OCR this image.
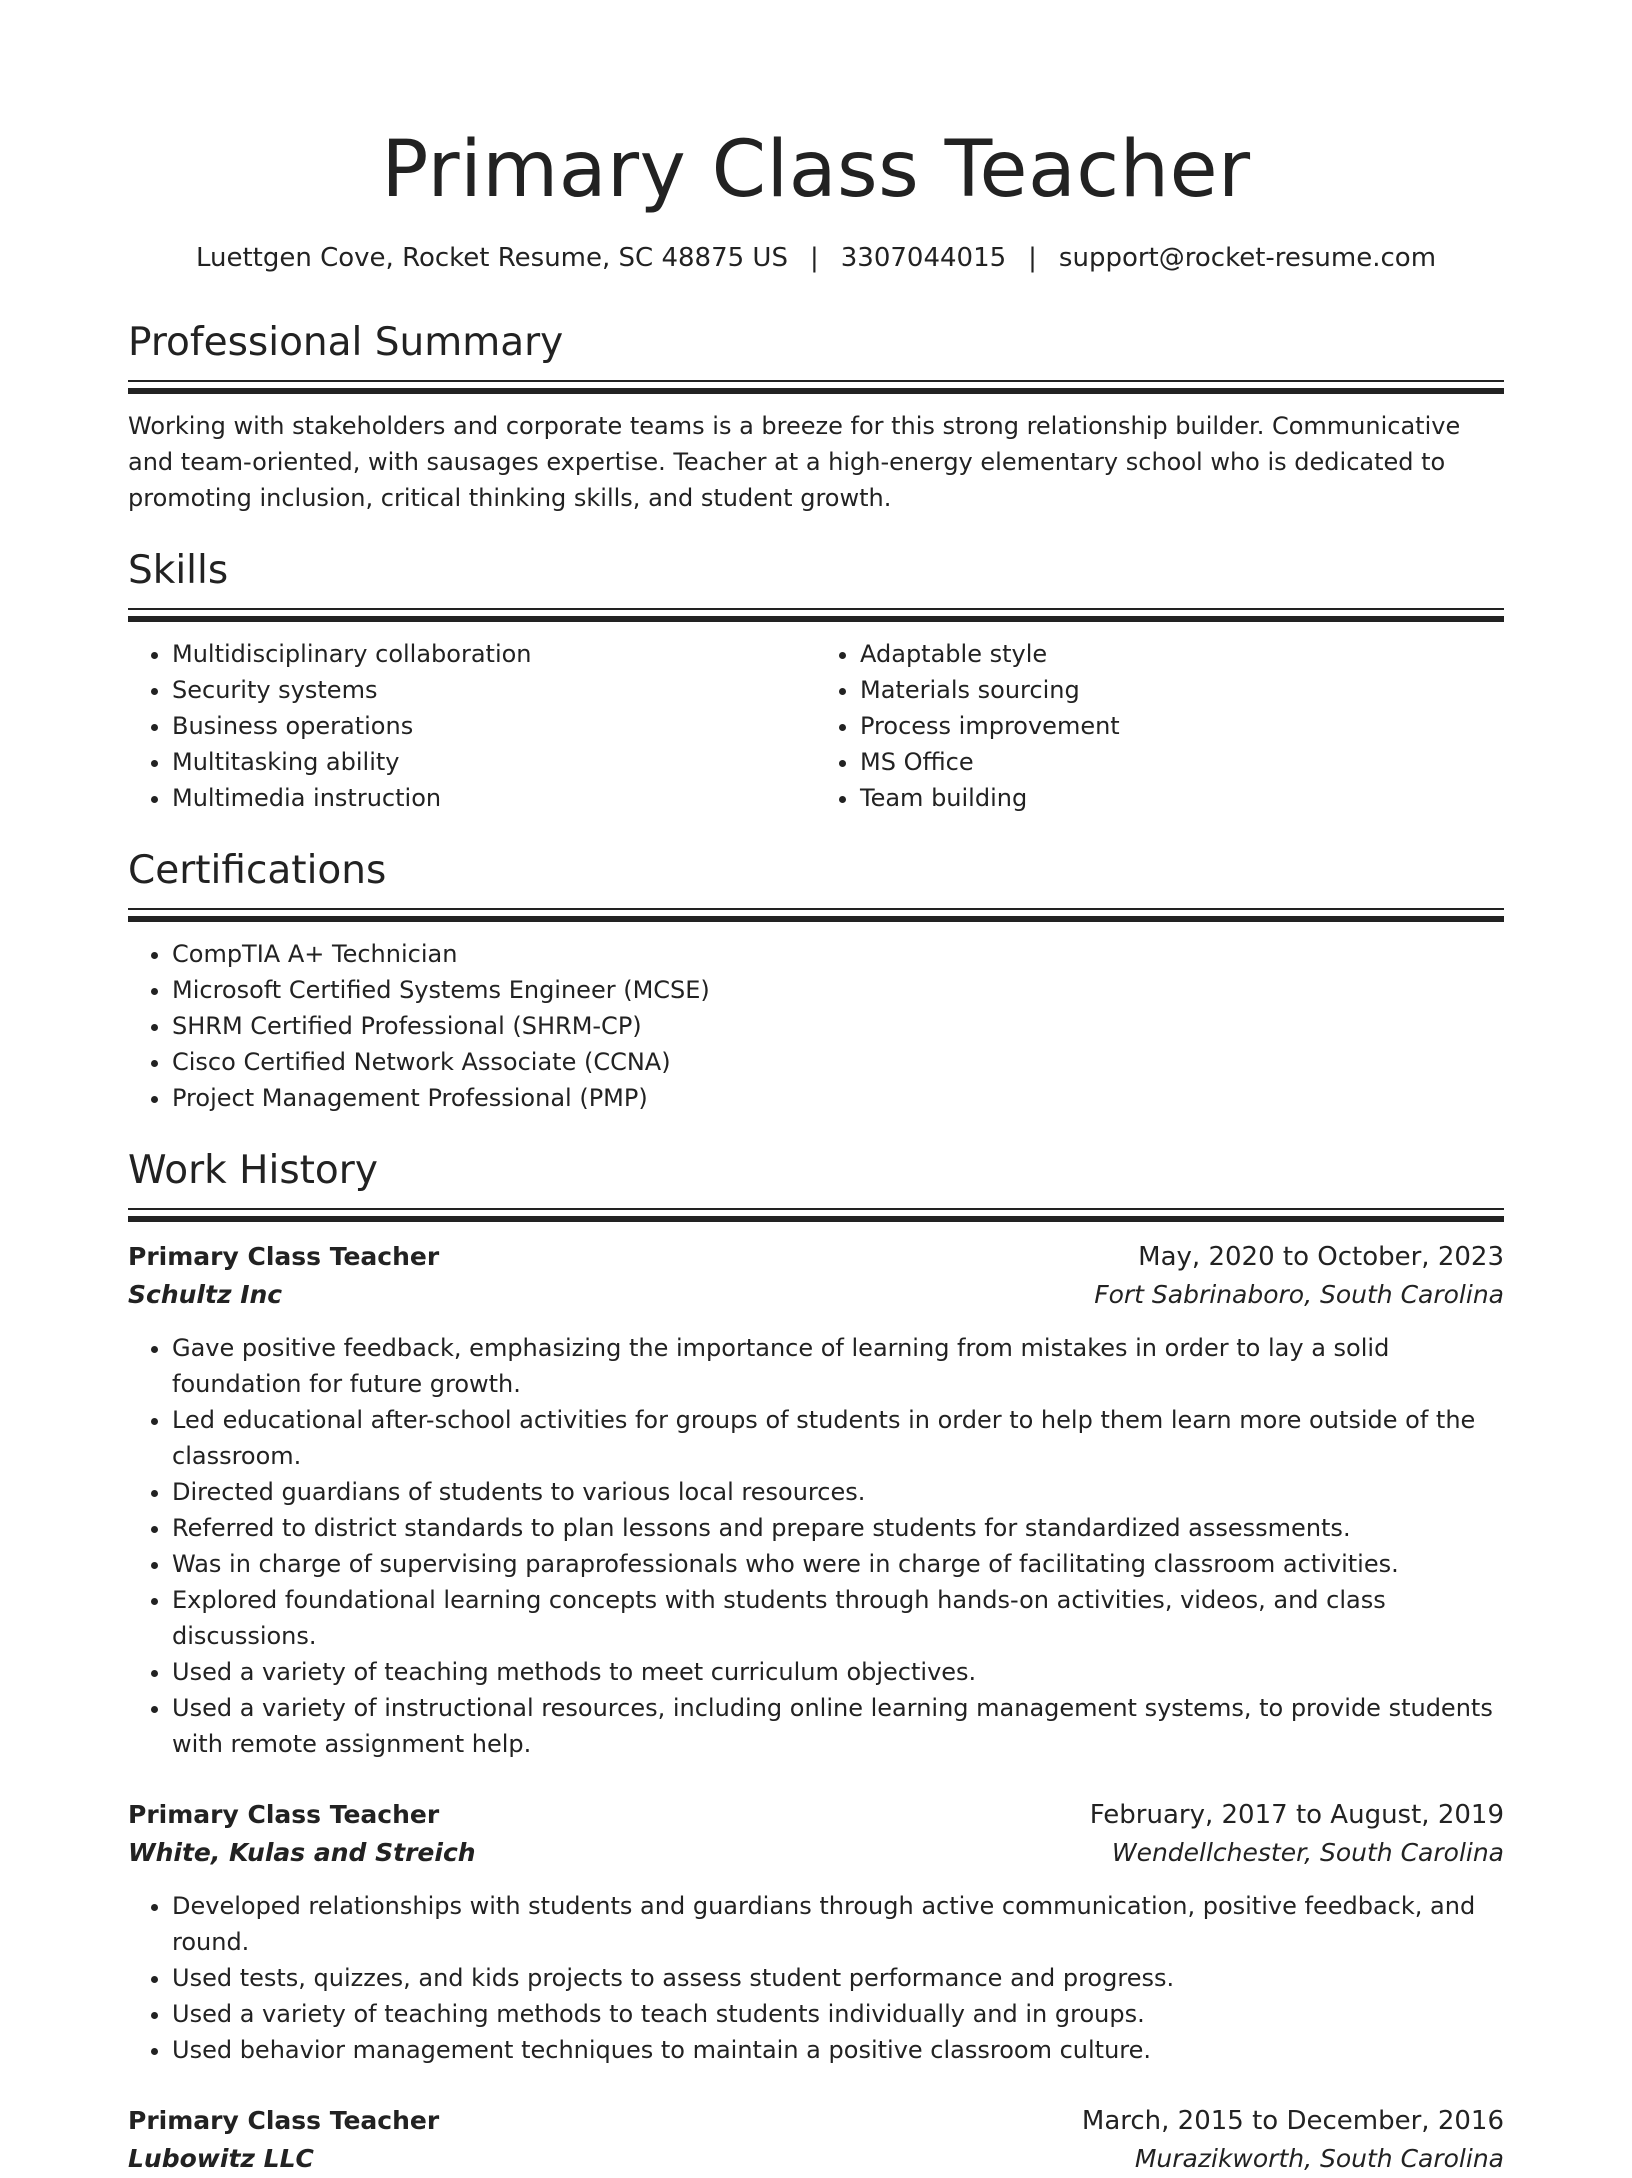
Primary Class Teacher
Luettgen Cove, Rocket Resume, SC 48875 US | 3307044015 | support@rocket-resume.com
Professional Summary

Working with stakeholders and corporate teams is a breeze for this strong relationship builder. Communicative and team-oriented, with sausages expertise. Teacher at a high-energy elementary school who is dedicated to promoting inclusion, critical thinking skills, and student growth.

Skills
• Multidisciplinary collaboration
• Security systems
• Business operations
• Multitasking ability
• Multimedia instruction
• Adaptable style
• Materials sourcing
• Process improvement
• MS Office
• Team building
Certifications
• CompTIA A+ Technician
• Microsoft Certified Systems Engineer (MCSE)
• SHRM Certified Professional (SHRM-CP)
• Cisco Certified Network Associate (CCNA)
• Project Management Professional (PMP)
Work History
Primary Class Teacher	May, 2020 to October, 2023
Schultz Inc	Fort Sabrinaboro, South Carolina
• Gave positive feedback, emphasizing the importance of learning from mistakes in order to lay a solid foundation for future growth.
• Led educational after-school activities for groups of students in order to help them learn more outside of the classroom.
• Directed guardians of students to various local resources.
• Referred to district standards to plan lessons and prepare students for standardized assessments.
• Was in charge of supervising paraprofessionals who were in charge of facilitating classroom activities.
• Explored foundational learning concepts with students through hands-on activities, videos, and class discussions.
• Used a variety of teaching methods to meet curriculum objectives.
• Used a variety of instructional resources, including online learning management systems, to provide students with remote assignment help.
Primary Class Teacher	February, 2017 to August, 2019
White, Kulas and Streich	Wendellchester, South Carolina
• Developed relationships with students and guardians through active communication, positive feedback, and round.
• Used tests, quizzes, and kids projects to assess student performance and progress.
• Used a variety of teaching methods to teach students individually and in groups.
• Used behavior management techniques to maintain a positive classroom culture.
Primary Class Teacher	March, 2015 to December, 2016
Lubowitz LLC	Murazikworth, South Carolina
